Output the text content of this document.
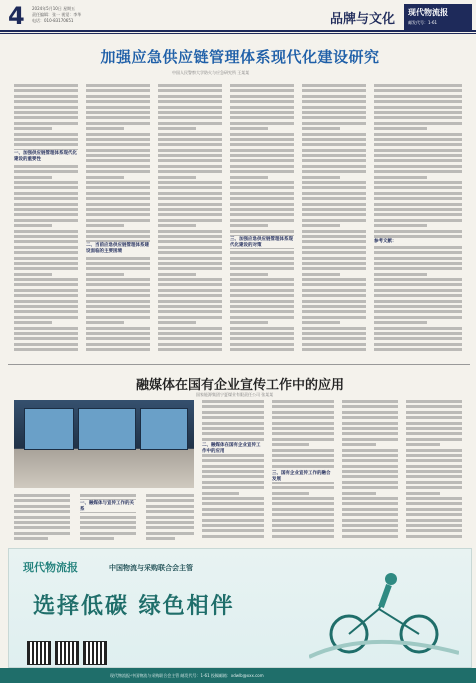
4 2024年5月10日 星期五
责任编辑：张一 视觉：李华
电话：010-83170651	品牌与文化 现代物流报
邮发代号：1-61
加强应急供应链管理体系现代化建设研究
中国人民警察大学防火与应急研究所 王某某
一、加强供应链管理体系现代化建设的重要性
二、当前应急供应链管理体系建设面临的主要困境
三、加强应急供应链管理体系现代化建设的对策
参考文献：
融媒体在国有企业宣传工作中的应用
国家能源集团宁夏煤业有限责任公司 张某某
一、融媒体与宣传工作的关系
二、融媒体在国有企业宣传工作中的应用
三、国有企业宣传工作的融合发展
现代物流报	中国物流与采购联合会主管
选择低碳 绿色相伴
现代物流报·中国物流与采购联合会主管 邮发代号：1-61 投稿邮箱：xdwlb@xxx.com
